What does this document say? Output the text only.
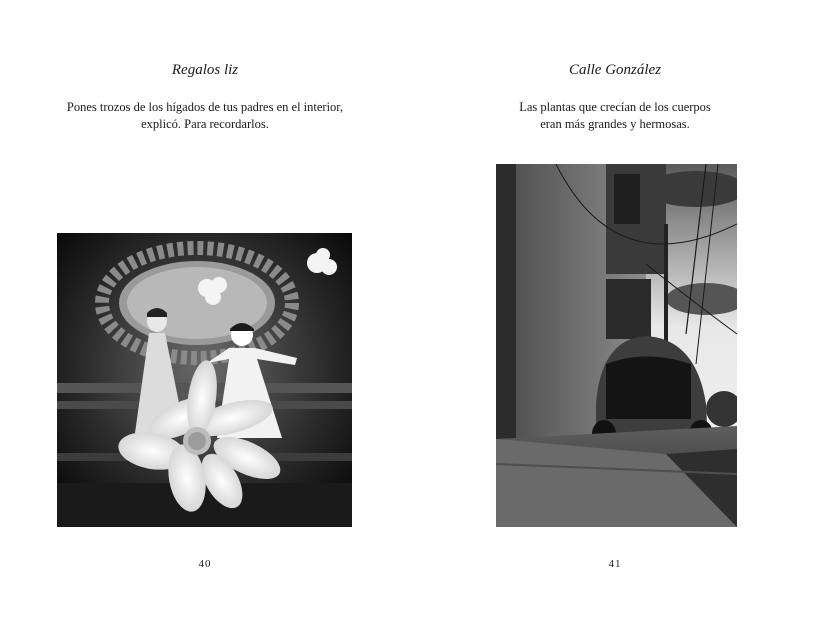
Regalos liz
Pones trozos de los hígados de tus padres en el interior,
explicó. Para recordarlos.
40
Calle González
Las plantas que crecían de los cuerpos
eran más grandes y hermosas.
41
